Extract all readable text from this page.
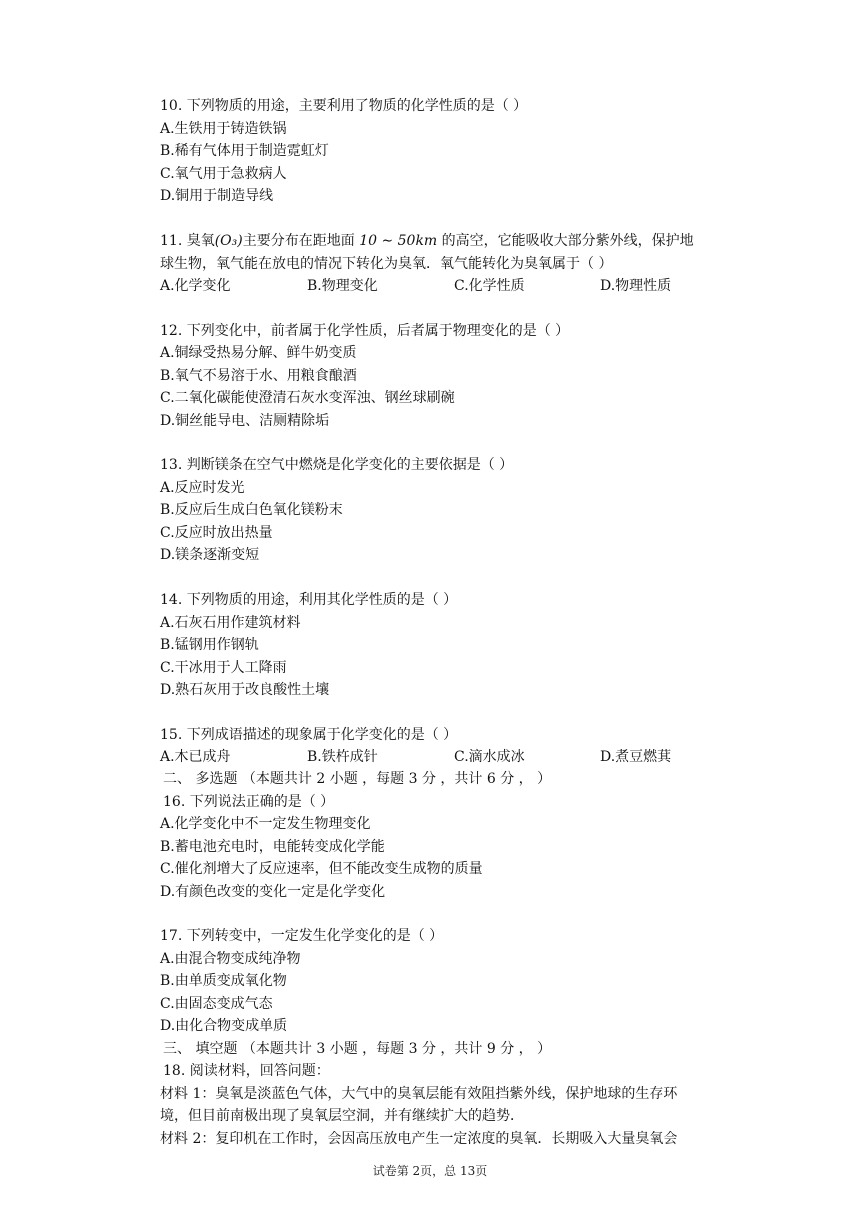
10. 下列物质的用途，主要利用了物质的化学性质的是（ ）
A.生铁用于铸造铁锅
B.稀有气体用于制造霓虹灯
C.氧气用于急救病人
D.铜用于制造导线
11. 臭氧(O₃)主要分布在距地面 10 ∼ 50km 的高空，它能吸收大部分紫外线，保护地
球生物，氧气能在放电的情况下转化为臭氧．氧气能转化为臭氧属于（ ）
A.化学变化	B.物理变化	C.化学性质	D.物理性质
12. 下列变化中，前者属于化学性质，后者属于物理变化的是（ ）
A.铜绿受热易分解、鲜牛奶变质
B.氧气不易溶于水、用粮食酿酒
C.二氧化碳能使澄清石灰水变浑浊、钢丝球刷碗
D.铜丝能导电、洁厕精除垢
13. 判断镁条在空气中燃烧是化学变化的主要依据是（ ）
A.反应时发光
B.反应后生成白色氧化镁粉末
C.反应时放出热量
D.镁条逐渐变短
14. 下列物质的用途，利用其化学性质的是（ ）
A.石灰石用作建筑材料
B.锰钢用作钢轨
C.干冰用于人工降雨
D.熟石灰用于改良酸性土壤
15. 下列成语描述的现象属于化学变化的是（ ）
A.木已成舟	B.铁杵成针	C.滴水成冰	D.煮豆燃萁
二、 多选题 （本题共计 2 小题 ，每题 3 分 ，共计 6 分 ， ）
16. 下列说法正确的是（ ）
A.化学变化中不一定发生物理变化
B.蓄电池充电时，电能转变成化学能
C.催化剂增大了反应速率，但不能改变生成物的质量
D.有颜色改变的变化一定是化学变化
17. 下列转变中，一定发生化学变化的是（ ）
A.由混合物变成纯净物
B.由单质变成氧化物
C.由固态变成气态
D.由化合物变成单质
三、 填空题 （本题共计 3 小题 ，每题 3 分 ，共计 9 分 ， ）
18. 阅读材料，回答问题：
材料 1：臭氧是淡蓝色气体，大气中的臭氧层能有效阻挡紫外线，保护地球的生存环
境，但目前南极出现了臭氧层空洞，并有继续扩大的趋势．
材料 2：复印机在工作时，会因高压放电产生一定浓度的臭氧．长期吸入大量臭氧会
试卷第 2页，总 13页
